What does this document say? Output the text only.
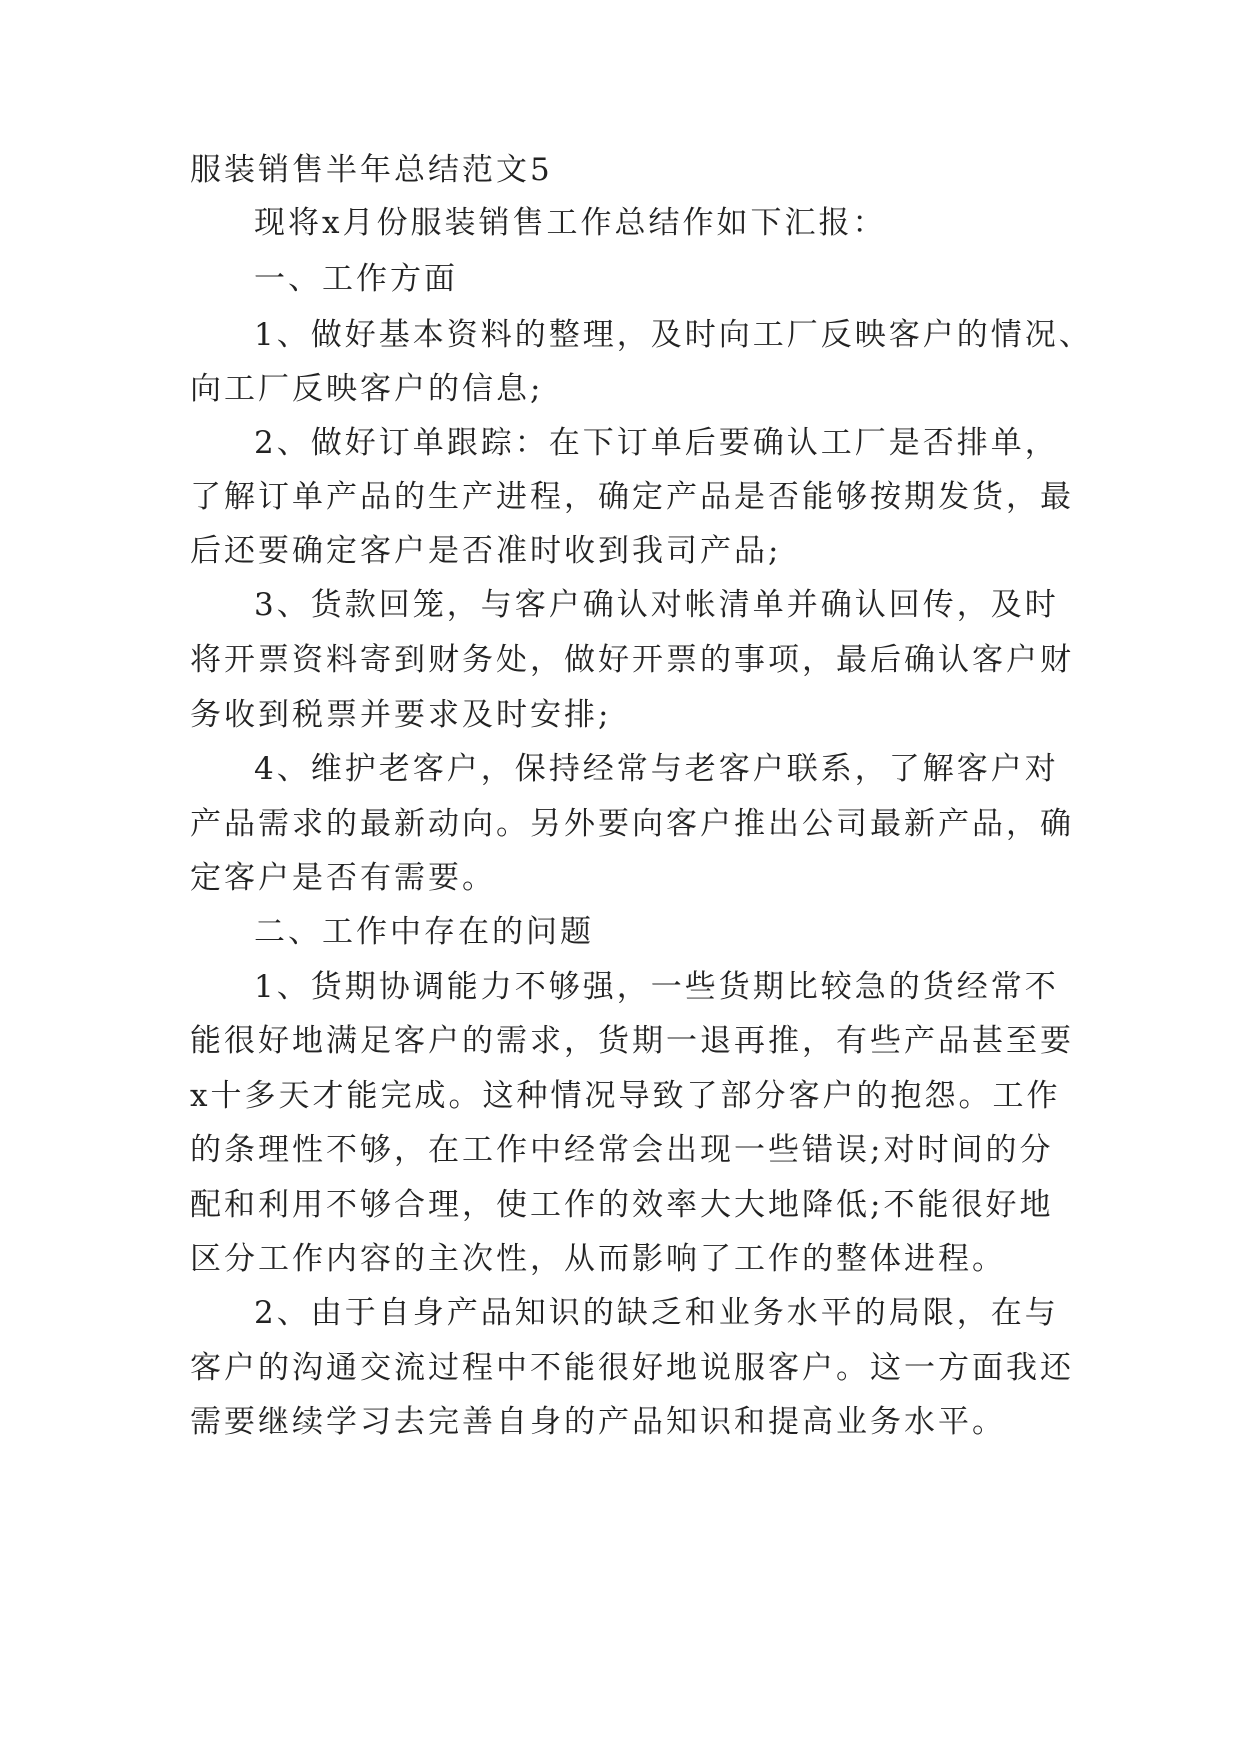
服装销售半年总结范文5
现将x月份服装销售工作总结作如下汇报：
一、工作方面
1、做好基本资料的整理，及时向工厂反映客户的情况、
向工厂反映客户的信息;
2、做好订单跟踪：在下订单后要确认工厂是否排单，
了解订单产品的生产进程，确定产品是否能够按期发货，最
后还要确定客户是否准时收到我司产品;
3、货款回笼，与客户确认对帐清单并确认回传，及时
将开票资料寄到财务处，做好开票的事项，最后确认客户财
务收到税票并要求及时安排;
4、维护老客户，保持经常与老客户联系，了解客户对
产品需求的最新动向。另外要向客户推出公司最新产品，确
定客户是否有需要。
二、工作中存在的问题
1、货期协调能力不够强，一些货期比较急的货经常不
能很好地满足客户的需求，货期一退再推，有些产品甚至要
x十多天才能完成。这种情况导致了部分客户的抱怨。工作
的条理性不够，在工作中经常会出现一些错误;对时间的分
配和利用不够合理，使工作的效率大大地降低;不能很好地
区分工作内容的主次性，从而影响了工作的整体进程。
2、由于自身产品知识的缺乏和业务水平的局限，在与
客户的沟通交流过程中不能很好地说服客户。这一方面我还
需要继续学习去完善自身的产品知识和提高业务水平。
